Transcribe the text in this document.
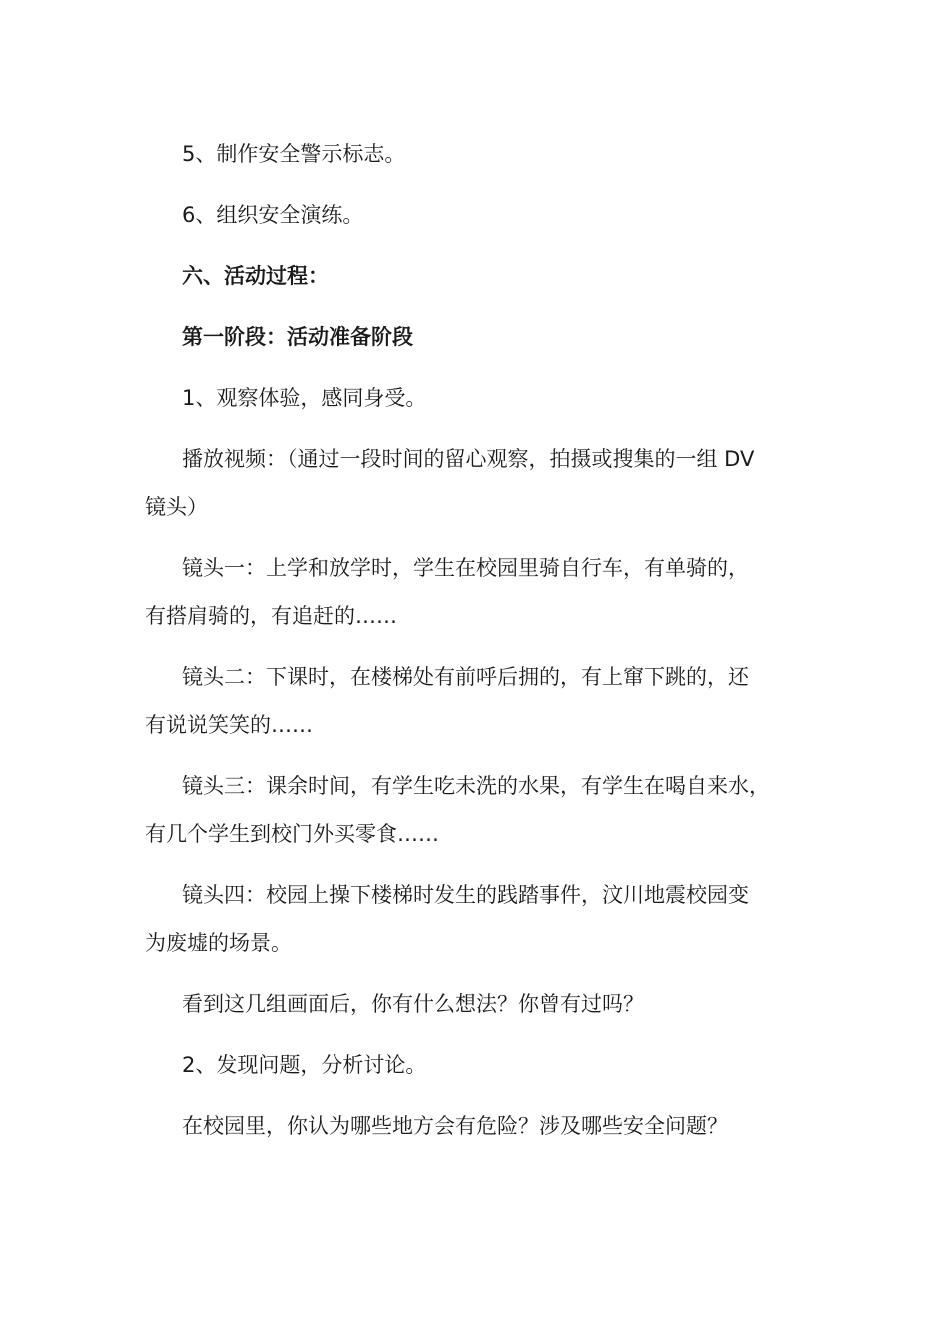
5、制作安全警示标志。

6、组织安全演练。

六、活动过程：

第一阶段：活动准备阶段

1、观察体验，感同身受。

播放视频：（通过一段时间的留心观察，拍摄或搜集的一组 DV
镜头）
镜头一：上学和放学时，学生在校园里骑自行车，有单骑的，
有搭肩骑的，有追赶的……
镜头二：下课时，在楼梯处有前呼后拥的，有上窜下跳的，还
有说说笑笑的……
镜头三：课余时间，有学生吃未洗的水果，有学生在喝自来水，
有几个学生到校门外买零食……
镜头四：校园上操下楼梯时发生的践踏事件，汶川地震校园变
为废墟的场景。

看到这几组画面后，你有什么想法？你曾有过吗？

2、发现问题，分析讨论。

在校园里，你认为哪些地方会有危险？涉及哪些安全问题？
